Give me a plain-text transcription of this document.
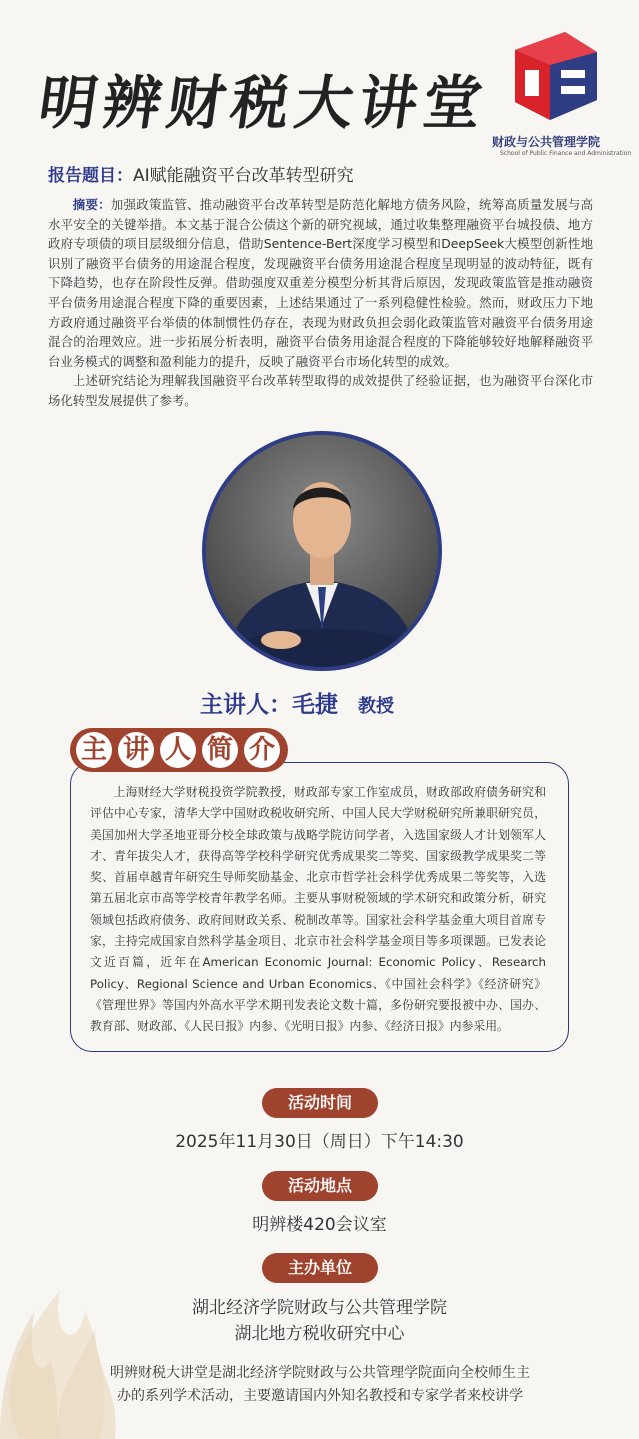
明辨财税大讲堂
财政与公共管理学院
School of Public Finance and Administration
报告题目：AI赋能融资平台改革转型研究

摘要：加强政策监管、推动融资平台改革转型是防范化解地方债务风险，统筹高质量发展与高水平安全的关键举措。本文基于混合公债这个新的研究视域，通过收集整理融资平台城投债、地方政府专项债的项目层级细分信息，借助Sentence-Bert深度学习模型和DeepSeek大模型创新性地识别了融资平台债务的用途混合程度，发现融资平台债务用途混合程度呈现明显的波动特征，既有下降趋势，也存在阶段性反弹。借助强度双重差分模型分析其背后原因，发现政策监管是推动融资平台债务用途混合程度下降的重要因素，上述结果通过了一系列稳健性检验。然而，财政压力下地方政府通过融资平台举债的体制惯性仍存在，表现为财政负担会弱化政策监管对融资平台债务用途混合的治理效应。进一步拓展分析表明，融资平台债务用途混合程度的下降能够较好地解释融资平台业务模式的调整和盈利能力的提升，反映了融资平台市场化转型的成效。

上述研究结论为理解我国融资平台改革转型取得的成效提供了经验证据，也为融资平台深化市场化转型发展提供了参考。

主讲人：毛捷 教授
主 讲 人 简 介

上海财经大学财税投资学院教授，财政部专家工作室成员，财政部政府债务研究和评估中心专家，清华大学中国财政税收研究所、中国人民大学财税研究所兼职研究员，美国加州大学圣地亚哥分校全球政策与战略学院访问学者，入选国家级人才计划领军人才、青年拔尖人才，获得高等学校科学研究优秀成果奖二等奖、国家级教学成果奖二等奖、首届卓越青年研究生导师奖励基金、北京市哲学社会科学优秀成果二等奖等，入选第五届北京市高等学校青年教学名师。主要从事财税领域的学术研究和政策分析，研究领域包括政府债务、政府间财政关系、税制改革等。国家社会科学基金重大项目首席专家，主持完成国家自然科学基金项目、北京市社会科学基金项目等多项课题。已发表论文近百篇，近年在American Economic Journal: Economic Policy、Research Policy、Regional Science and Urban Economics、《中国社会科学》《经济研究》《管理世界》等国内外高水平学术期刊发表论文数十篇，多份研究要报被中办、国办、教育部、财政部、《人民日报》内参、《光明日报》内参、《经济日报》内参采用。

活动时间
2025年11月30日（周日）下午14:30
活动地点
明辨楼420会议室
主办单位
湖北经济学院财政与公共管理学院
湖北地方税收研究中心
明辨财税大讲堂是湖北经济学院财政与公共管理学院面向全校师生主办的系列学术活动，主要邀请国内外知名教授和专家学者来校讲学
